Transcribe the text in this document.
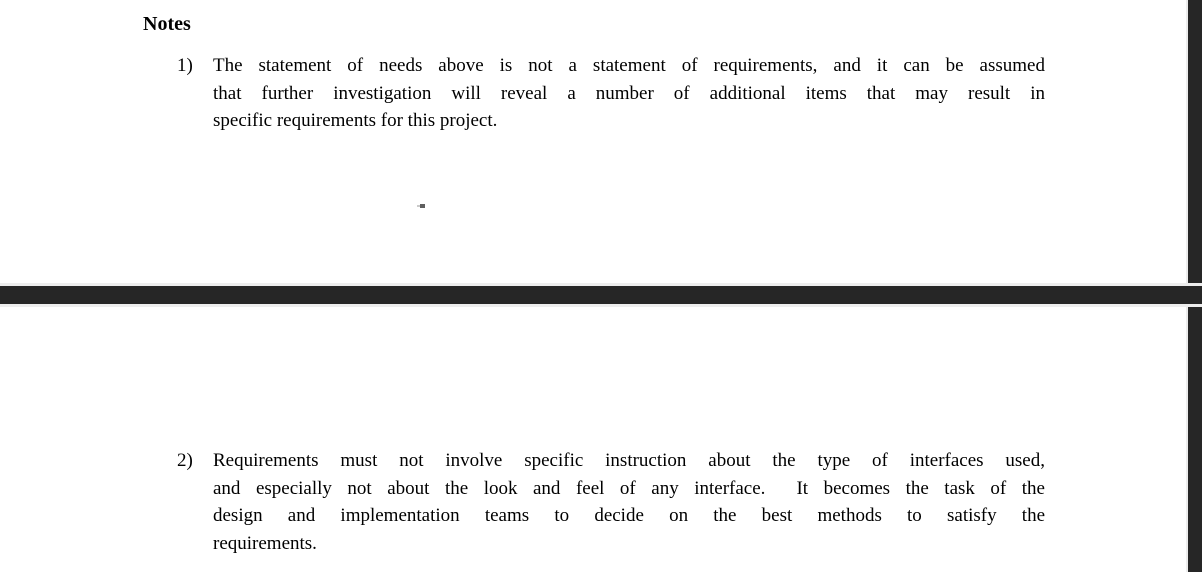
Notes
1) The statement of needs above is not a statement of requirements, and it can be assumed
that further investigation will reveal a number of additional items that may result in
specific requirements for this project.
2) Requirements must not involve specific instruction about the type of interfaces used,
and especially not about the look and feel of any interface.  It becomes the task of the
design and implementation teams to decide on the best methods to satisfy the
requirements.
